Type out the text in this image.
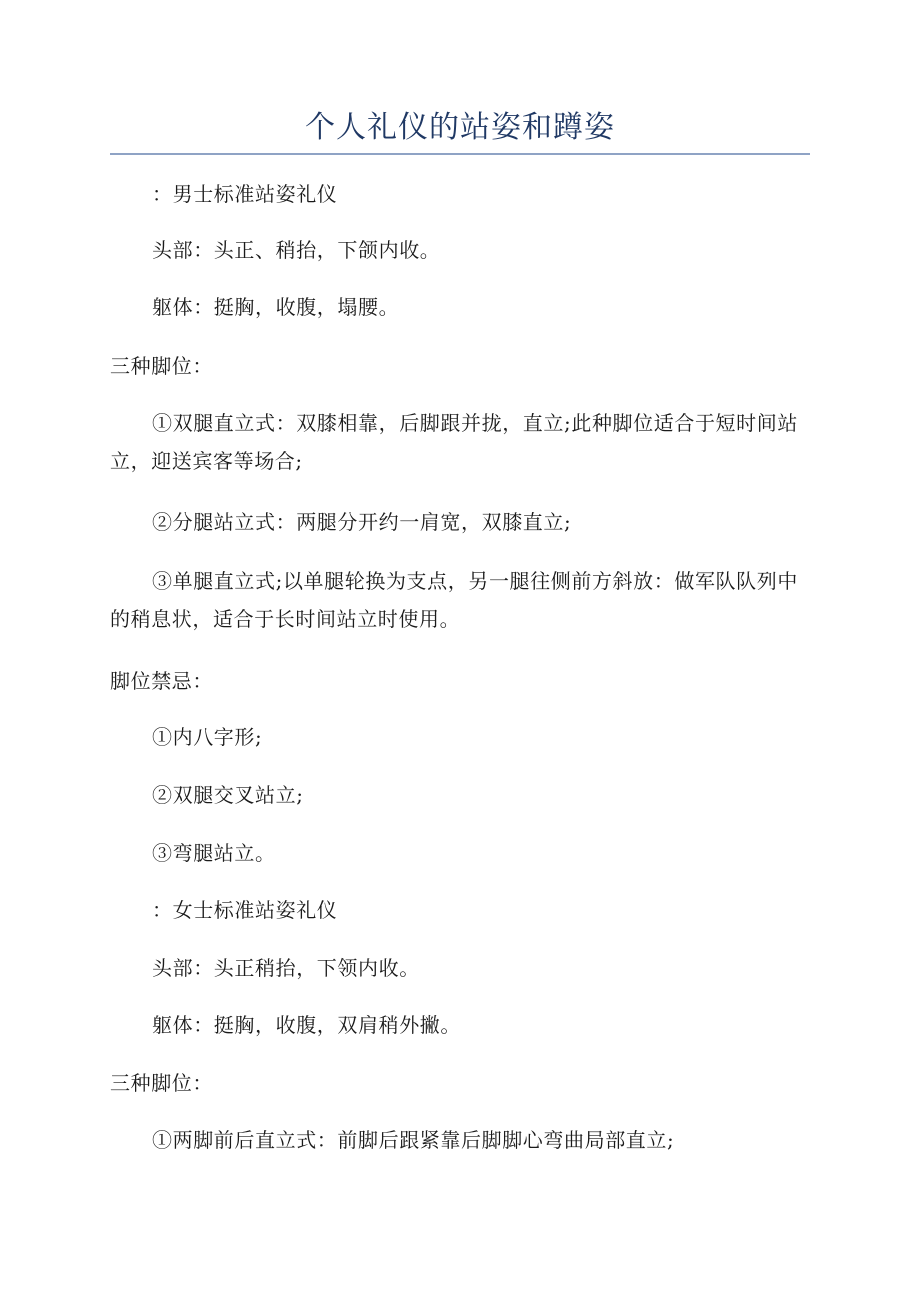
个人礼仪的站姿和蹲姿

：男士标准站姿礼仪

头部：头正、稍抬，下颌内收。

躯体：挺胸，收腹，塌腰。

三种脚位：

①双腿直立式：双膝相靠，后脚跟并拢，直立;此种脚位适合于短时间站立，迎送宾客等场合;

②分腿站立式：两腿分开约一肩宽，双膝直立;

③单腿直立式;以单腿轮换为支点，另一腿往侧前方斜放：做军队队列中的稍息状，适合于长时间站立时使用。

脚位禁忌：

①内八字形;

②双腿交叉站立;

③弯腿站立。

：女士标准站姿礼仪

头部：头正稍抬，下领内收。

躯体：挺胸，收腹，双肩稍外撇。

三种脚位：

①两脚前后直立式：前脚后跟紧靠后脚脚心弯曲局部直立;
